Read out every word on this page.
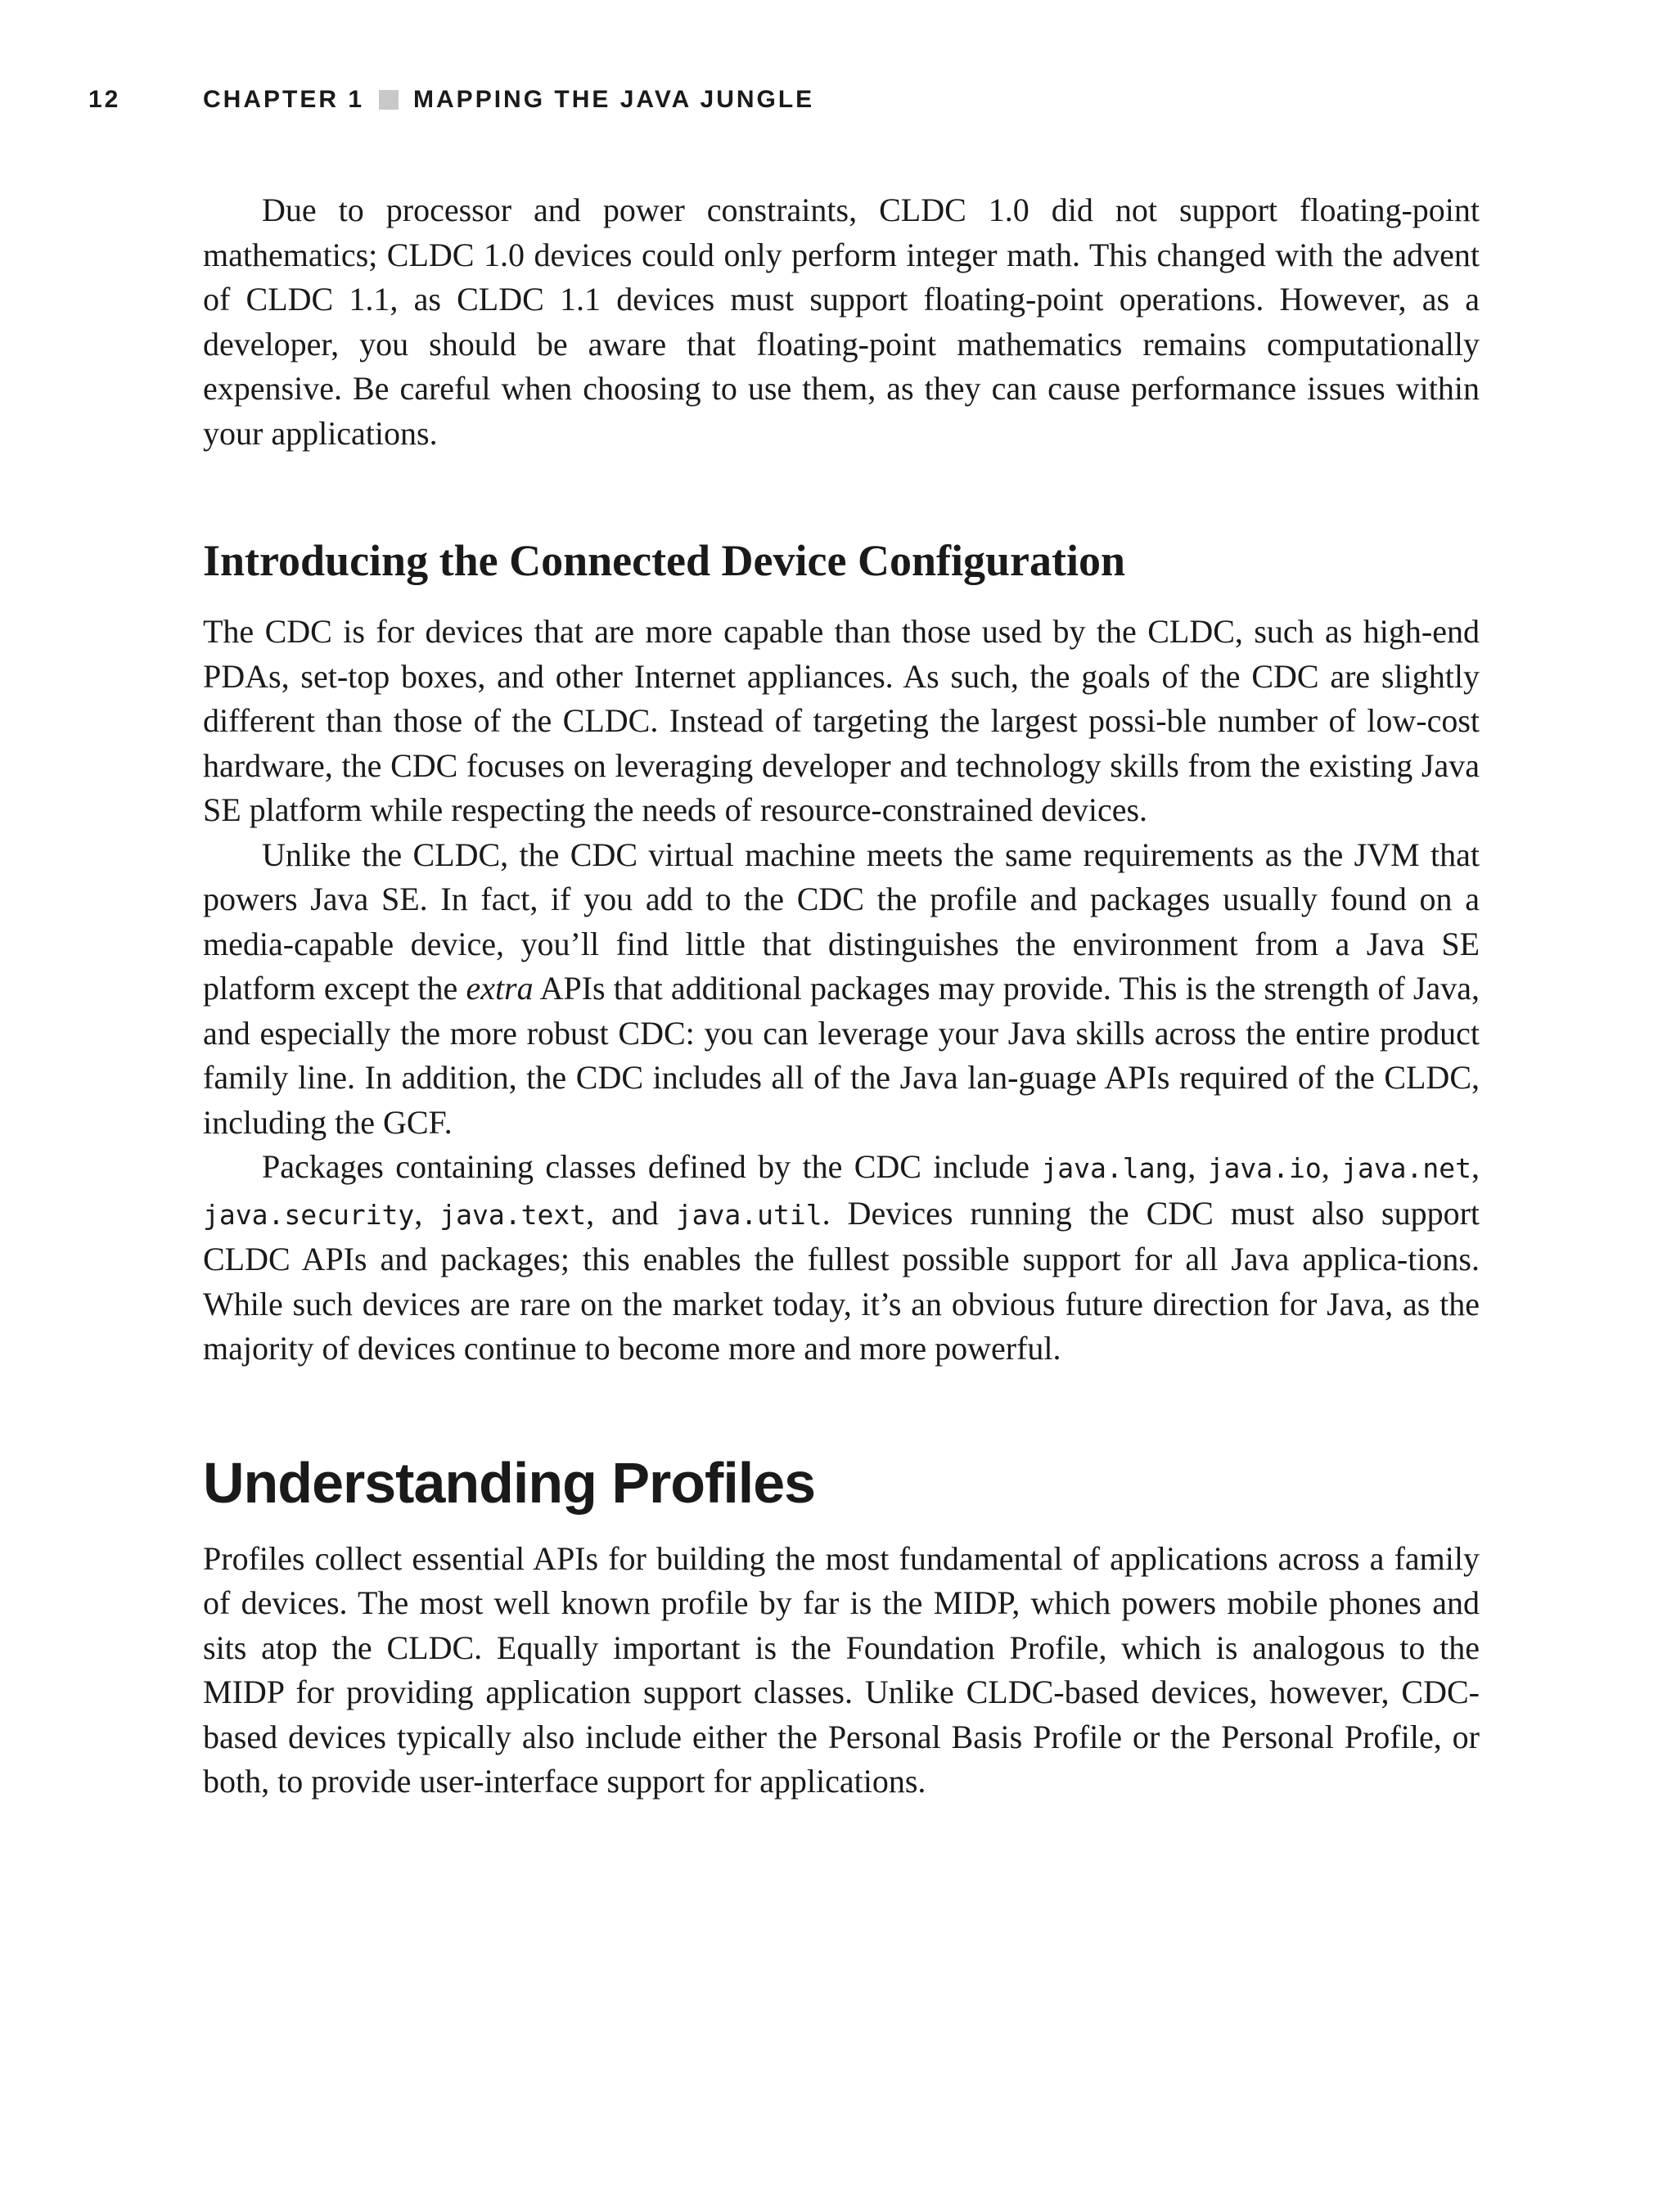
12	CHAPTER 1 MAPPING THE JAVA JUNGLE

Due to processor and power constraints, CLDC 1.0 did not support floating-point mathematics; CLDC 1.0 devices could only perform integer math. This changed with the advent of CLDC 1.1, as CLDC 1.1 devices must support floating-point operations. However, as a developer, you should be aware that floating-point mathematics remains computationally expensive. Be careful when choosing to use them, as they can cause performance issues within your applications.

Introducing the Connected Device Configuration

The CDC is for devices that are more capable than those used by the CLDC, such as high-end PDAs, set-top boxes, and other Internet appliances. As such, the goals of the CDC are slightly different than those of the CLDC. Instead of targeting the largest possi-ble number of low-cost hardware, the CDC focuses on leveraging developer and technology skills from the existing Java SE platform while respecting the needs of resource-constrained devices.

Unlike the CLDC, the CDC virtual machine meets the same requirements as the JVM that powers Java SE. In fact, if you add to the CDC the profile and packages usually found on a media-capable device, you’ll find little that distinguishes the environment from a Java SE platform except the extra APIs that additional packages may provide. This is the strength of Java, and especially the more robust CDC: you can leverage your Java skills across the entire product family line. In addition, the CDC includes all of the Java lan-guage APIs required of the CLDC, including the GCF.

Packages containing classes defined by the CDC include java.lang, java.io, java.net, java.security, java.text, and java.util. Devices running the CDC must also support CLDC APIs and packages; this enables the fullest possible support for all Java applica-tions. While such devices are rare on the market today, it’s an obvious future direction for Java, as the majority of devices continue to become more and more powerful.

Understanding Profiles

Profiles collect essential APIs for building the most fundamental of applications across a family of devices. The most well known profile by far is the MIDP, which powers mobile phones and sits atop the CLDC. Equally important is the Foundation Profile, which is analogous to the MIDP for providing application support classes. Unlike CLDC-based devices, however, CDC-based devices typically also include either the Personal Basis Profile or the Personal Profile, or both, to provide user-interface support for applications.
